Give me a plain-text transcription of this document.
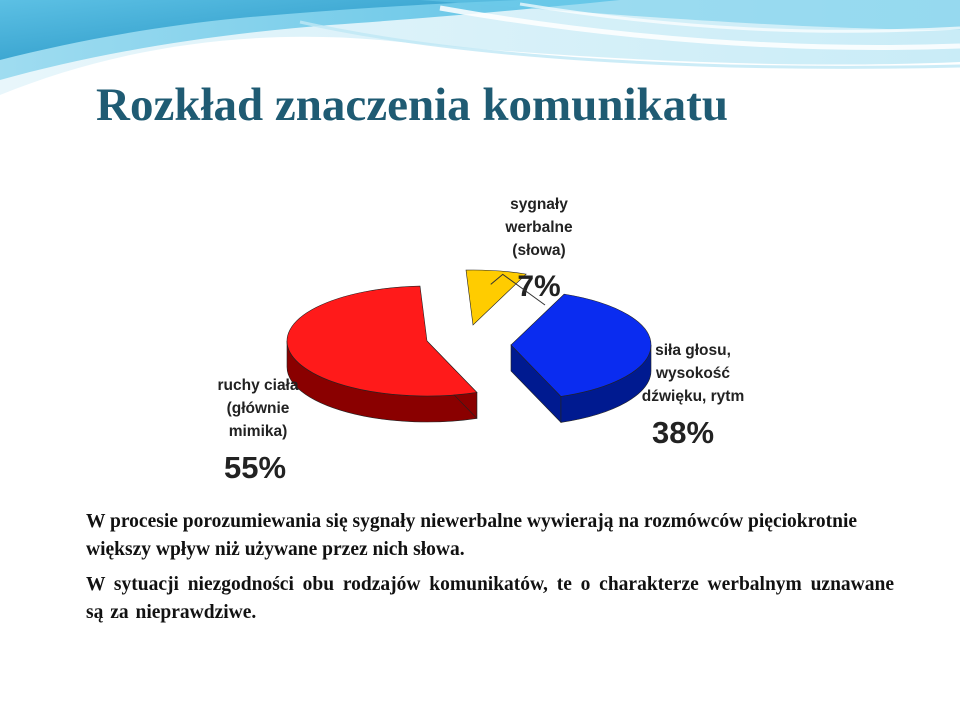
Rozkład znaczenia komunikatu
sygnały
werbalne
(słowa)
7%
siła głosu,
wysokość
dźwięku, rytm
38%
ruchy ciała
(głównie
mimika)
55%

W procesie porozumiewania się sygnały niewerbalne wywierają na rozmówców pięciokrotnie większy wpływ niż używane przez nich słowa.

W sytuacji niezgodności obu rodzajów komunikatów, te o charakterze werbalnym uznawane są za nieprawdziwe.
